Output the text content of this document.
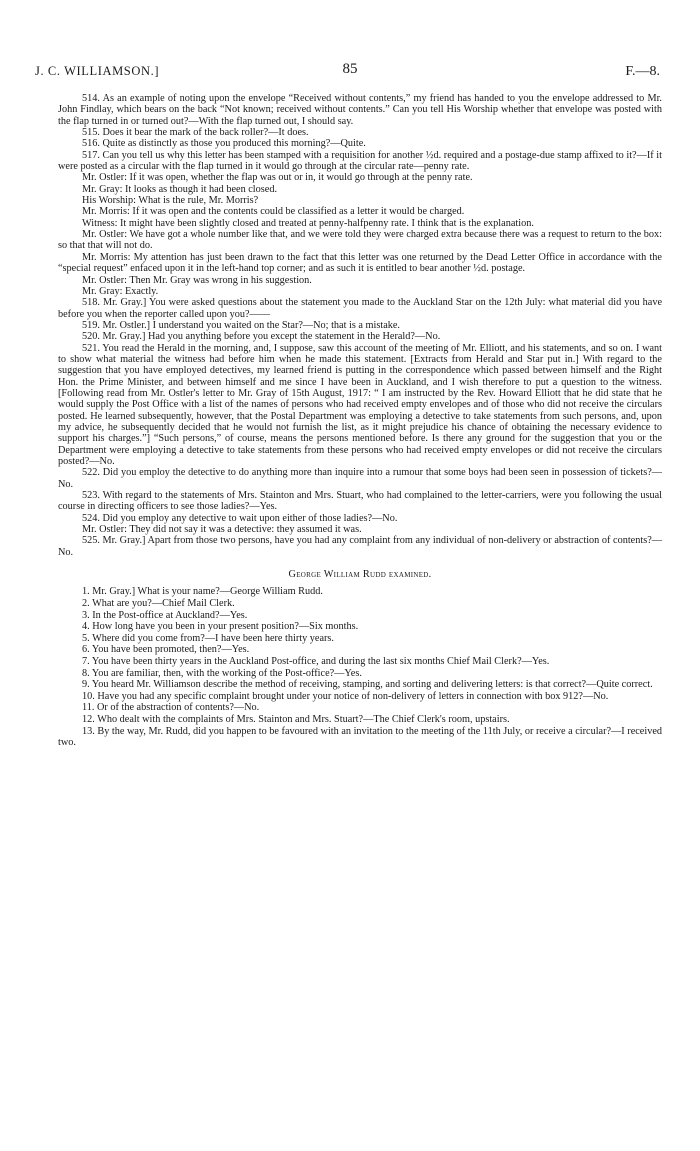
J. C. WILLIAMSON.]	85	F.—8.

514. As an example of noting upon the envelope “Received without contents,” my friend has handed to you the envelope addressed to Mr. John Findlay, which bears on the back “Not known; received without contents.” Can you tell His Worship whether that envelope was posted with the flap turned in or turned out?—With the flap turned out, I should say.

515. Does it bear the mark of the back roller?—It does.

516. Quite as distinctly as those you produced this morning?—Quite.

517. Can you tell us why this letter has been stamped with a requisition for another ½d. required and a postage-due stamp affixed to it?—If it were posted as a circular with the flap turned in it would go through at the circular rate—penny rate.

Mr. Ostler: If it was open, whether the flap was out or in, it would go through at the penny rate.

Mr. Gray: It looks as though it had been closed.

His Worship: What is the rule, Mr. Morris?

Mr. Morris: If it was open and the contents could be classified as a letter it would be charged.

Witness: It might have been slightly closed and treated at penny-halfpenny rate. I think that is the explanation.

Mr. Ostler: We have got a whole number like that, and we were told they were charged extra because there was a request to return to the box: so that that will not do.

Mr. Morris: My attention has just been drawn to the fact that this letter was one returned by the Dead Letter Office in accordance with the “special request” enfaced upon it in the left-hand top corner; and as such it is entitled to bear another ½d. postage.

Mr. Ostler: Then Mr. Gray was wrong in his suggestion.

Mr. Gray: Exactly.

518. Mr. Gray.] You were asked questions about the statement you made to the Auckland Star on the 12th July: what material did you have before you when the reporter called upon you?——

519. Mr. Ostler.] I understand you waited on the Star?—No; that is a mistake.

520. Mr. Gray.] Had you anything before you except the statement in the Herald?—No.

521. You read the Herald in the morning, and, I suppose, saw this account of the meeting of Mr. Elliott, and his statements, and so on. I want to show what material the witness had before him when he made this statement. [Extracts from Herald and Star put in.] With regard to the suggestion that you have employed detectives, my learned friend is putting in the correspondence which passed between himself and the Right Hon. the Prime Minister, and between himself and me since I have been in Auckland, and I wish therefore to put a question to the witness. [Following read from Mr. Ostler's letter to Mr. Gray of 15th August, 1917: “ I am instructed by the Rev. Howard Elliott that he did state that he would supply the Post Office with a list of the names of persons who had received empty envelopes and of those who did not receive the circulars posted. He learned subsequently, however, that the Postal Department was employing a detective to take statements from such persons, and, upon my advice, he subsequently decided that he would not furnish the list, as it might prejudice his chance of obtaining the necessary evidence to support his charges.”] “Such persons,” of course, means the persons mentioned before. Is there any ground for the suggestion that you or the Department were employing a detective to take statements from these persons who had received empty envelopes or did not receive the circulars posted?—No.

522. Did you employ the detective to do anything more than inquire into a rumour that some boys had been seen in possession of tickets?—No.

523. With regard to the statements of Mrs. Stainton and Mrs. Stuart, who had complained to the letter-carriers, were you following the usual course in directing officers to see those ladies?—Yes.

524. Did you employ any detective to wait upon either of those ladies?—No.

Mr. Ostler: They did not say it was a detective: they assumed it was.

525. Mr. Gray.] Apart from those two persons, have you had any complaint from any individual of non-delivery or abstraction of contents?—No.

George William Rudd examined.

1. Mr. Gray.] What is your name?—George William Rudd.

2. What are you?—Chief Mail Clerk.

3. In the Post-office at Auckland?—Yes.

4. How long have you been in your present position?—Six months.

5. Where did you come from?—I have been here thirty years.

6. You have been promoted, then?—Yes.

7. You have been thirty years in the Auckland Post-office, and during the last six months Chief Mail Clerk?—Yes.

8. You are familiar, then, with the working of the Post-office?—Yes.

9. You heard Mr. Williamson describe the method of receiving, stamping, and sorting and delivering letters: is that correct?—Quite correct.

10. Have you had any specific complaint brought under your notice of non-delivery of letters in connection with box 912?—No.

11. Or of the abstraction of contents?—No.

12. Who dealt with the complaints of Mrs. Stainton and Mrs. Stuart?—The Chief Clerk's room, upstairs.

13. By the way, Mr. Rudd, did you happen to be favoured with an invitation to the meeting of the 11th July, or receive a circular?—I received two.
